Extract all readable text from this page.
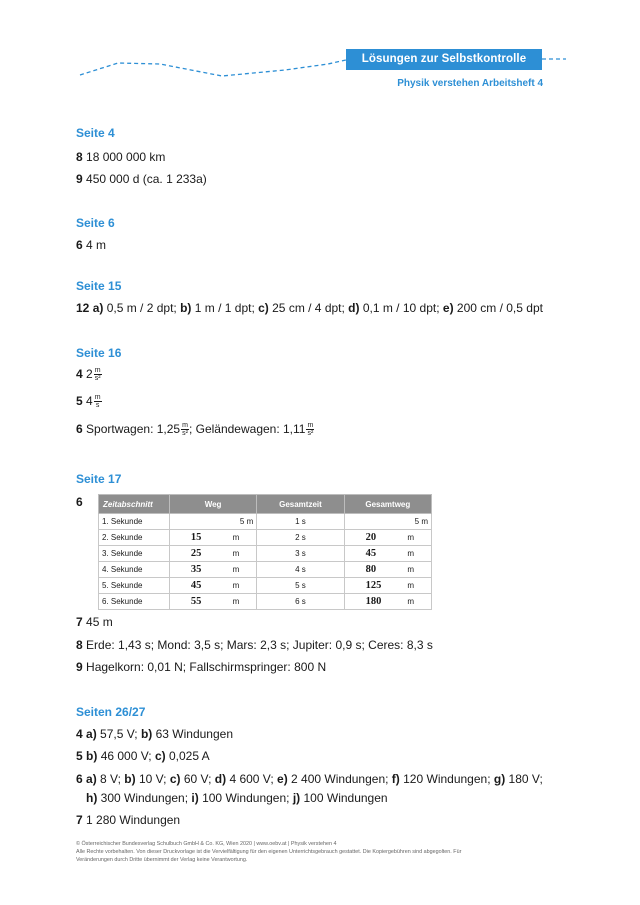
Lösungen zur Selbstkontrolle
Physik verstehen Arbeitsheft 4
Seite 4
8 18 000 000 km
9 450 000 d (ca. 1 233a)
Seite 6
6 4 m
Seite 15
12 a) 0,5 m / 2 dpt; b) 1 m / 1 dpt; c) 25 cm / 4 dpt; d) 0,1 m / 10 dpt; e) 200 cm / 0,5 dpt
Seite 16
4 $2 \frac{m}{\text{s²}}$
5 $4 \frac{m}{s}$
6 Sportwagen: $1,25 \frac{m}{\text{s²}}$ ; Geländewagen: $1,11 \frac{m}{\text{s²}}$
Seite 17
6	Zeitabschnitt	Weg	Gesamtzeit	Gesamtweg
1. Sekunde	5 m	1 s	5 m

2. Sekunde	15 m	2 s	20 m

3. Sekunde	25 m	3 s	45 m

4. Sekunde	35 m	4 s	80 m

5. Sekunde	45 m	5 s	125 m

6. Sekunde	55 m	6 s	180 m
7 45 m
8 Erde: 1,43 s; Mond: 3,5 s; Mars: 2,3 s; Jupiter: 0,9 s; Ceres: 8,3 s
9 Hagelkorn: 0,01 N; Fallschirmspringer: 800 N
Seiten 26/27
4 a) 57,5 V; b) 63 Windungen
5 b) 46 000 V; c) 0,025 A
6 a) 8 V; b) 10 V; c) 60 V; d) 4 600 V; e) 2 400 Windungen; f) 120 Windungen; g) 180 V;
h) 300 Windungen; i) 100 Windungen; j) 100 Windungen
7 1 280 Windungen
© Österreichischer Bundesverlag Schulbuch GmbH & Co. KG, Wien 2020 | www.oebv.at | Physik verstehen 4
Alle Rechte vorbehalten. Von dieser Druckvorlage ist die Vervielfältigung für den eigenen Unterrichtsgebrauch gestattet. Die Kopiergebühren sind abgegolten. Für
Veränderungen durch Dritte übernimmt der Verlag keine Verantwortung.
